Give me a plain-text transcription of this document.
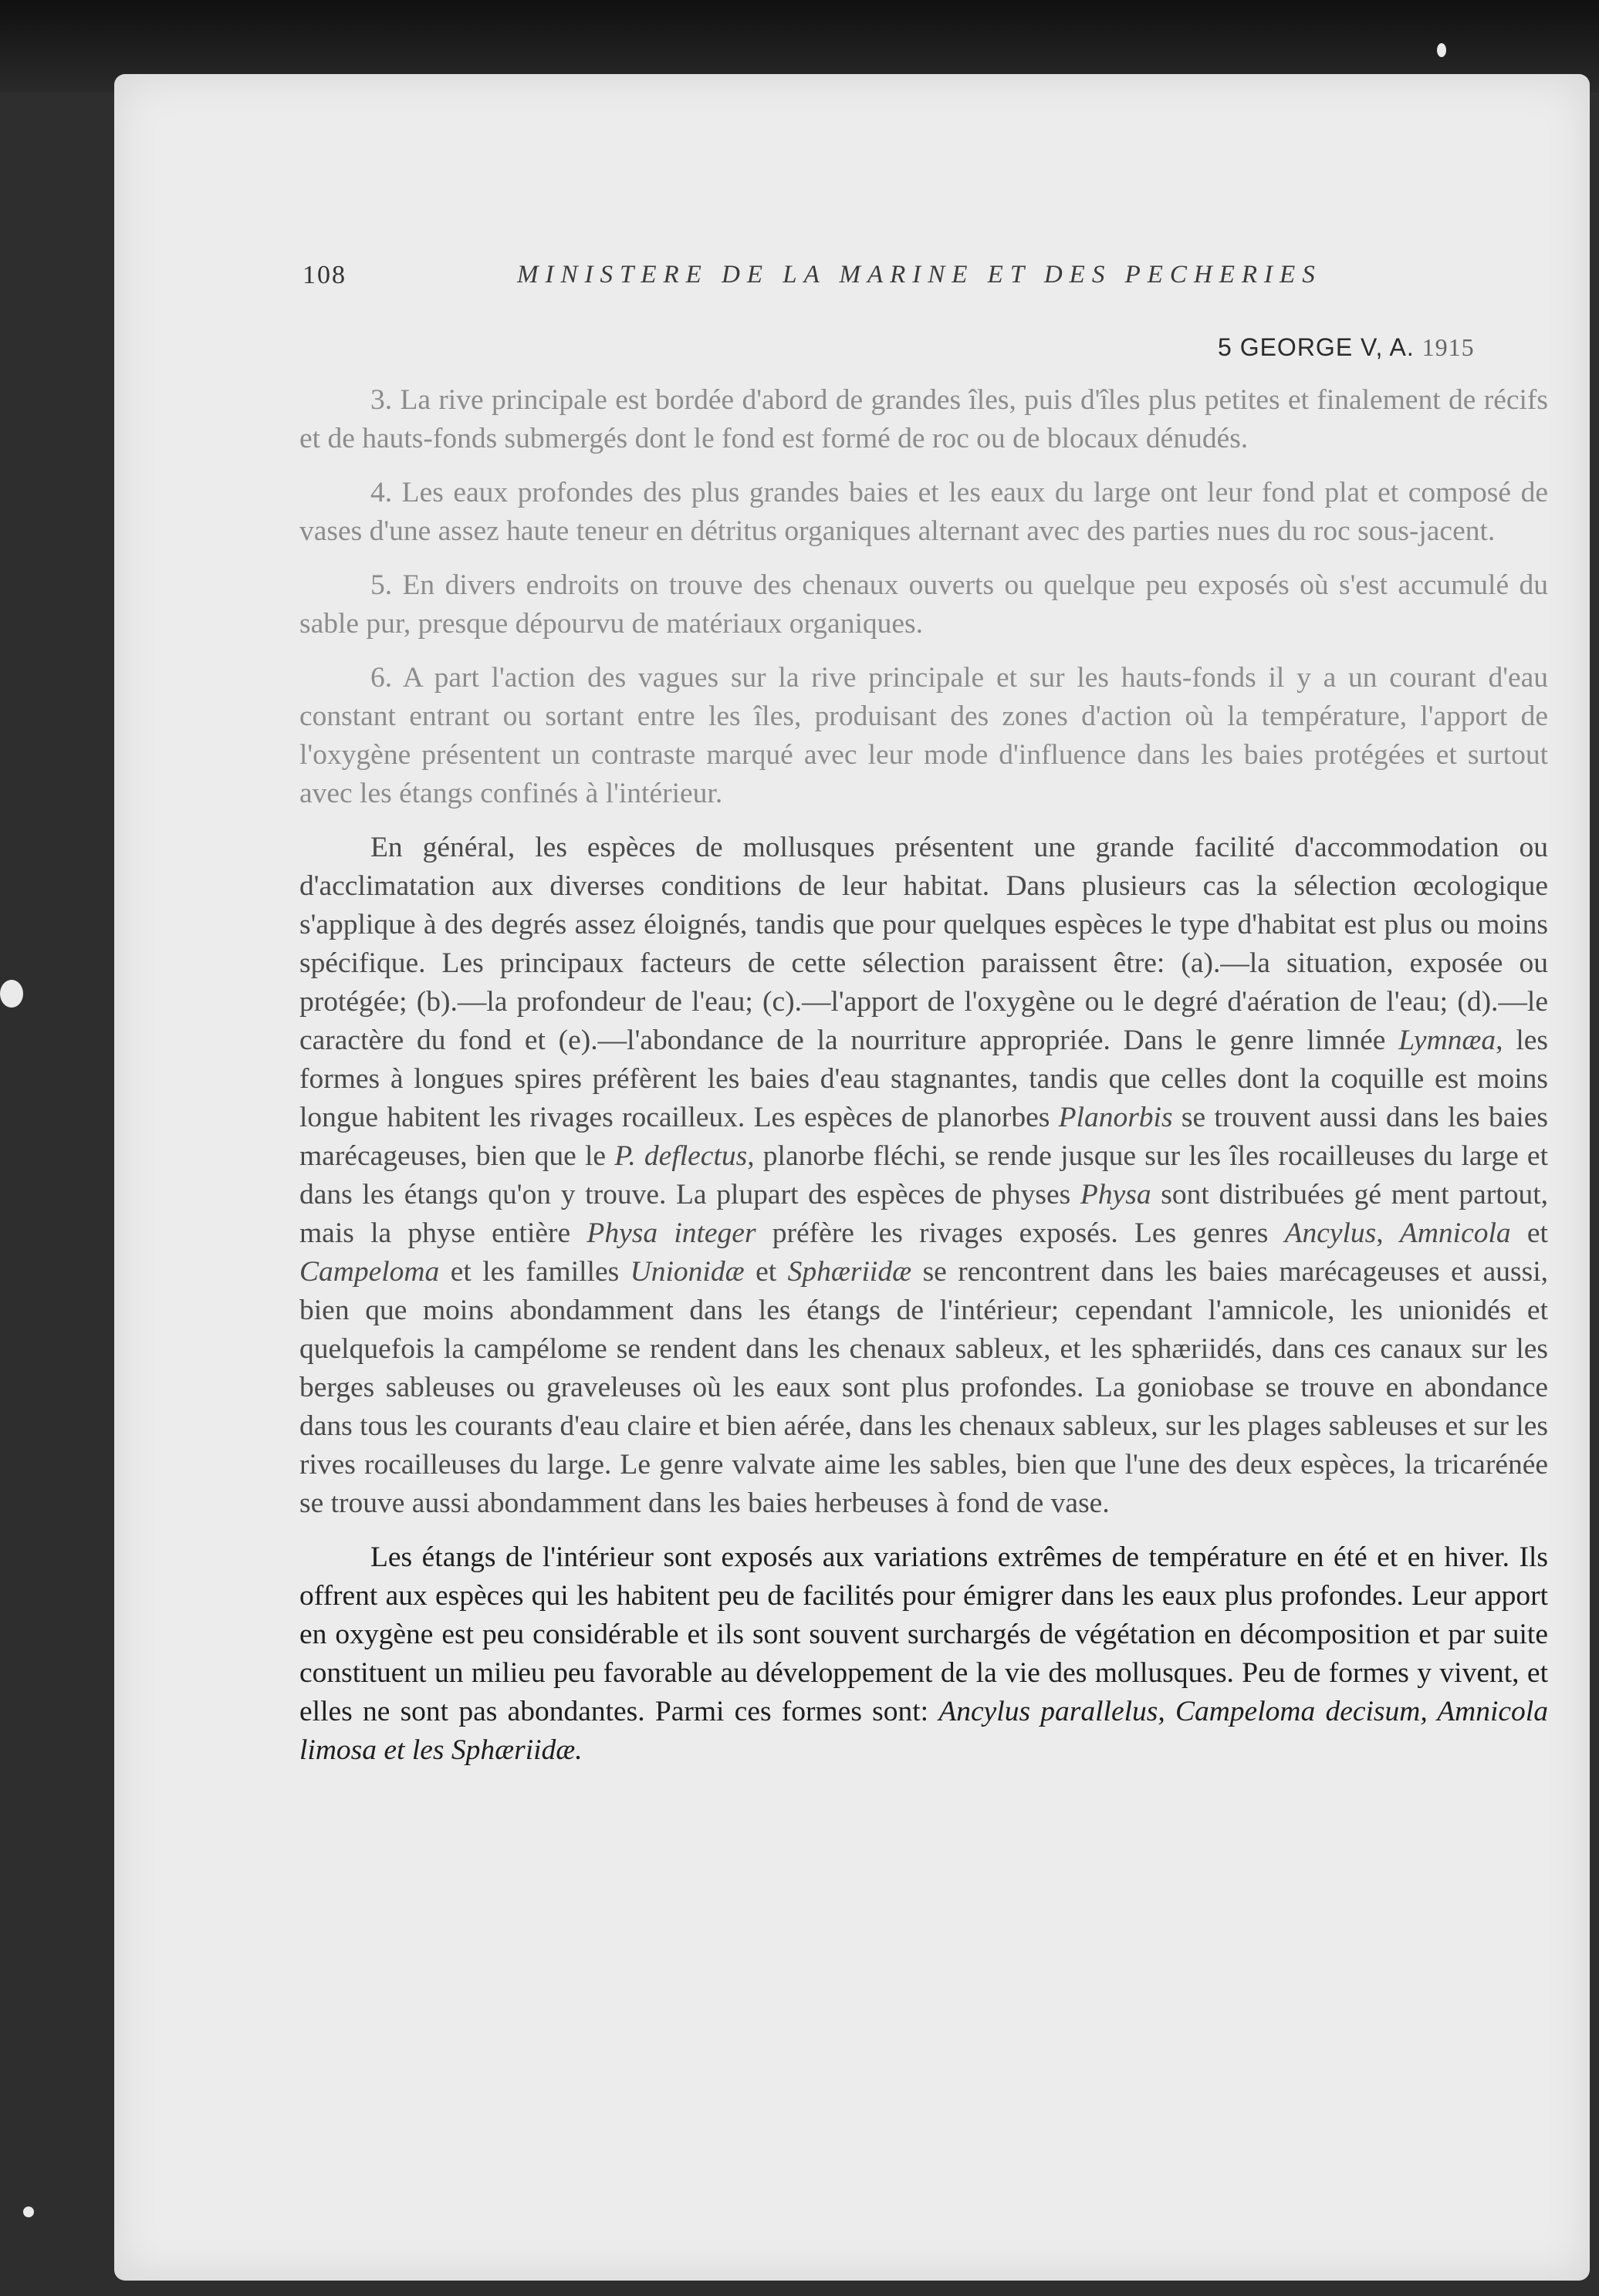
108	MINISTERE DE LA MARINE ET DES PECHERIES
5 GEORGE V, A. 1915

3. La rive principale est bordée d'abord de grandes îles, puis d'îles plus petites et finalement de récifs et de hauts-fonds submergés dont le fond est formé de roc ou de blocaux dénudés.

4. Les eaux profondes des plus grandes baies et les eaux du large ont leur fond plat et composé de vases d'une assez haute teneur en détritus organiques alternant avec des parties nues du roc sous-jacent.

5. En divers endroits on trouve des chenaux ouverts ou quelque peu exposés où s'est accumulé du sable pur, presque dépourvu de matériaux organiques.

6. A part l'action des vagues sur la rive principale et sur les hauts-fonds il y a un courant d'eau constant entrant ou sortant entre les îles, produisant des zones d'action où la température, l'apport de l'oxygène présentent un contraste marqué avec leur mode d'influence dans les baies protégées et surtout avec les étangs confinés à l'intérieur.

En général, les espèces de mollusques présentent une grande facilité d'accommodation ou d'acclimatation aux diverses conditions de leur habitat. Dans plusieurs cas la sélection œcologique s'applique à des degrés assez éloignés, tandis que pour quelques espèces le type d'habitat est plus ou moins spécifique. Les principaux facteurs de cette sélection paraissent être: (a).—la situation, exposée ou protégée; (b).—la profondeur de l'eau; (c).—l'apport de l'oxygène ou le degré d'aération de l'eau; (d).—le caractère du fond et (e).—l'abondance de la nourriture appropriée. Dans le genre limnée Lymnæa, les formes à longues spires préfèrent les baies d'eau stagnantes, tandis que celles dont la coquille est moins longue habitent les rivages rocailleux. Les espèces de planorbes Planorbis se trouvent aussi dans les baies marécageuses, bien que le P. deflectus, planorbe fléchi, se rende jusque sur les îles rocailleuses du large et dans les étangs qu'on y trouve. La plupart des espèces de physes Physa sont distribuées gé ment partout, mais la physe entière Physa integer préfère les rivages exposés. Les genres Ancylus, Amnicola et Campeloma et les familles Unionidæ et Sphæriidæ se rencontrent dans les baies marécageuses et aussi, bien que moins abondamment dans les étangs de l'intérieur; cependant l'amnicole, les unionidés et quelquefois la campélome se rendent dans les chenaux sableux, et les sphæriidés, dans ces canaux sur les berges sableuses ou graveleuses où les eaux sont plus profondes. La goniobase se trouve en abondance dans tous les courants d'eau claire et bien aérée, dans les chenaux sableux, sur les plages sableuses et sur les rives rocailleuses du large. Le genre valvate aime les sables, bien que l'une des deux espèces, la tricarénée se trouve aussi abondamment dans les baies herbeuses à fond de vase.

Les étangs de l'intérieur sont exposés aux variations extrêmes de température en été et en hiver. Ils offrent aux espèces qui les habitent peu de facilités pour émigrer dans les eaux plus profondes. Leur apport en oxygène est peu considérable et ils sont souvent surchargés de végétation en décomposition et par suite constituent un milieu peu favorable au développement de la vie des mollusques. Peu de formes y vivent, et elles ne sont pas abondantes. Parmi ces formes sont: Ancylus parallelus, Campeloma decisum, Amnicola limosa et les Sphæriidæ.
